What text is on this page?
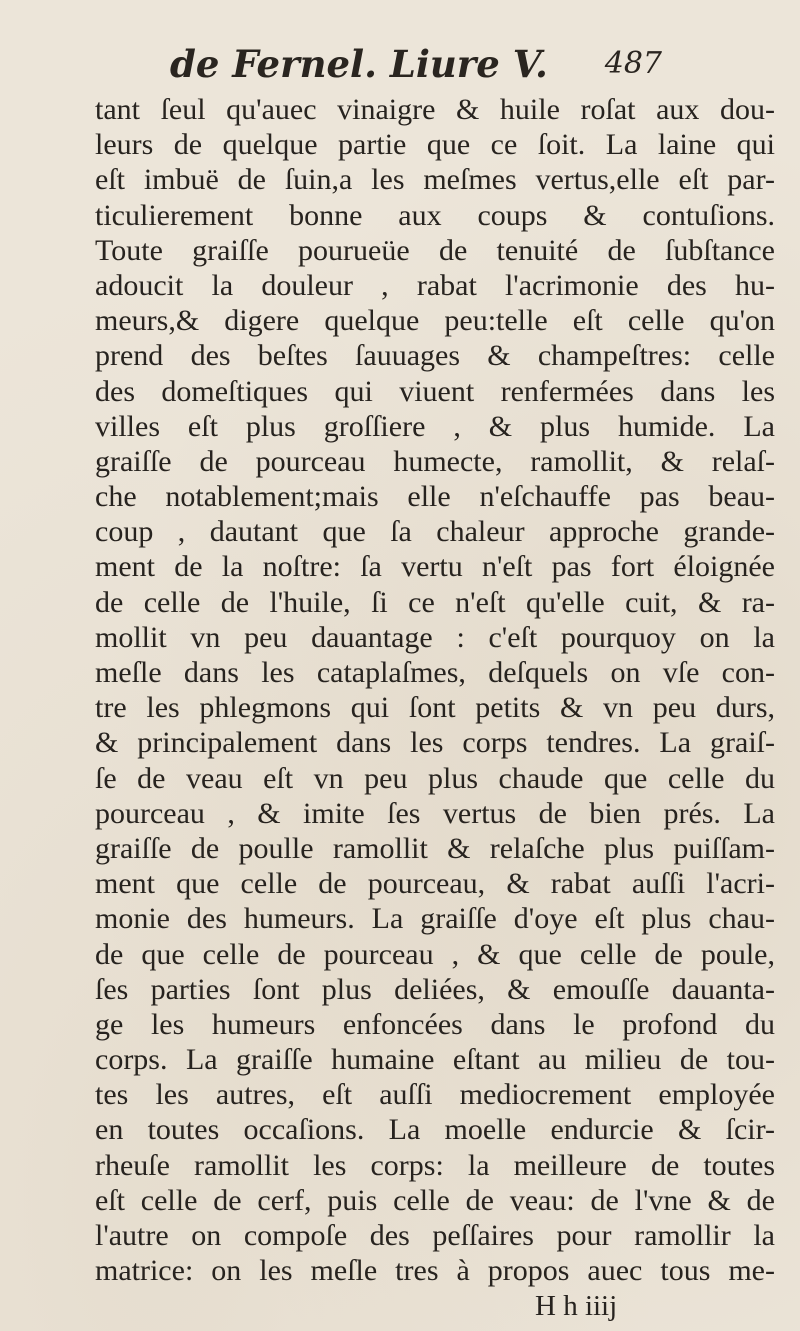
de Fernel. Liure V. 487
tant ſeul qu'auec vinaigre & huile roſat aux dou-
leurs de quelque partie que ce ſoit. La laine qui
eſt imbuë de ſuin,a les meſmes vertus,elle eſt par-
ticulierement bonne aux coups & contuſions.
Toute graiſſe pourueüe de tenuité de ſubſtance
adoucit la douleur , rabat l'acrimonie des hu-
meurs,& digere quelque peu:telle eſt celle qu'on
prend des beſtes ſauuages & champeſtres: celle
des domeſtiques qui viuent renfermées dans les
villes eſt plus groſſiere , & plus humide. La
graiſſe de pourceau humecte, ramollit, & relaſ-
che notablement;mais elle n'eſchauffe pas beau-
coup , dautant que ſa chaleur approche grande-
ment de la noſtre: ſa vertu n'eſt pas fort éloignée
de celle de l'huile, ſi ce n'eſt qu'elle cuit, & ra-
mollit vn peu dauantage : c'eſt pourquoy on la
meſle dans les cataplaſmes, deſquels on vſe con-
tre les phlegmons qui ſont petits & vn peu durs,
& principalement dans les corps tendres. La graiſ-
ſe de veau eſt vn peu plus chaude que celle du
pourceau , & imite ſes vertus de bien prés. La
graiſſe de poulle ramollit & relaſche plus puiſſam-
ment que celle de pourceau, & rabat auſſi l'acri-
monie des humeurs. La graiſſe d'oye eſt plus chau-
de que celle de pourceau , & que celle de poule,
ſes parties ſont plus deliées, & emouſſe dauanta-
ge les humeurs enfoncées dans le profond du
corps. La graiſſe humaine eſtant au milieu de tou-
tes les autres, eſt auſſi mediocrement employée
en toutes occaſions. La moelle endurcie & ſcir-
rheuſe ramollit les corps: la meilleure de toutes
eſt celle de cerf, puis celle de veau: de l'vne & de
l'autre on compoſe des peſſaires pour ramollir la
matrice: on les meſle tres à propos auec tous me-
H h iiij
